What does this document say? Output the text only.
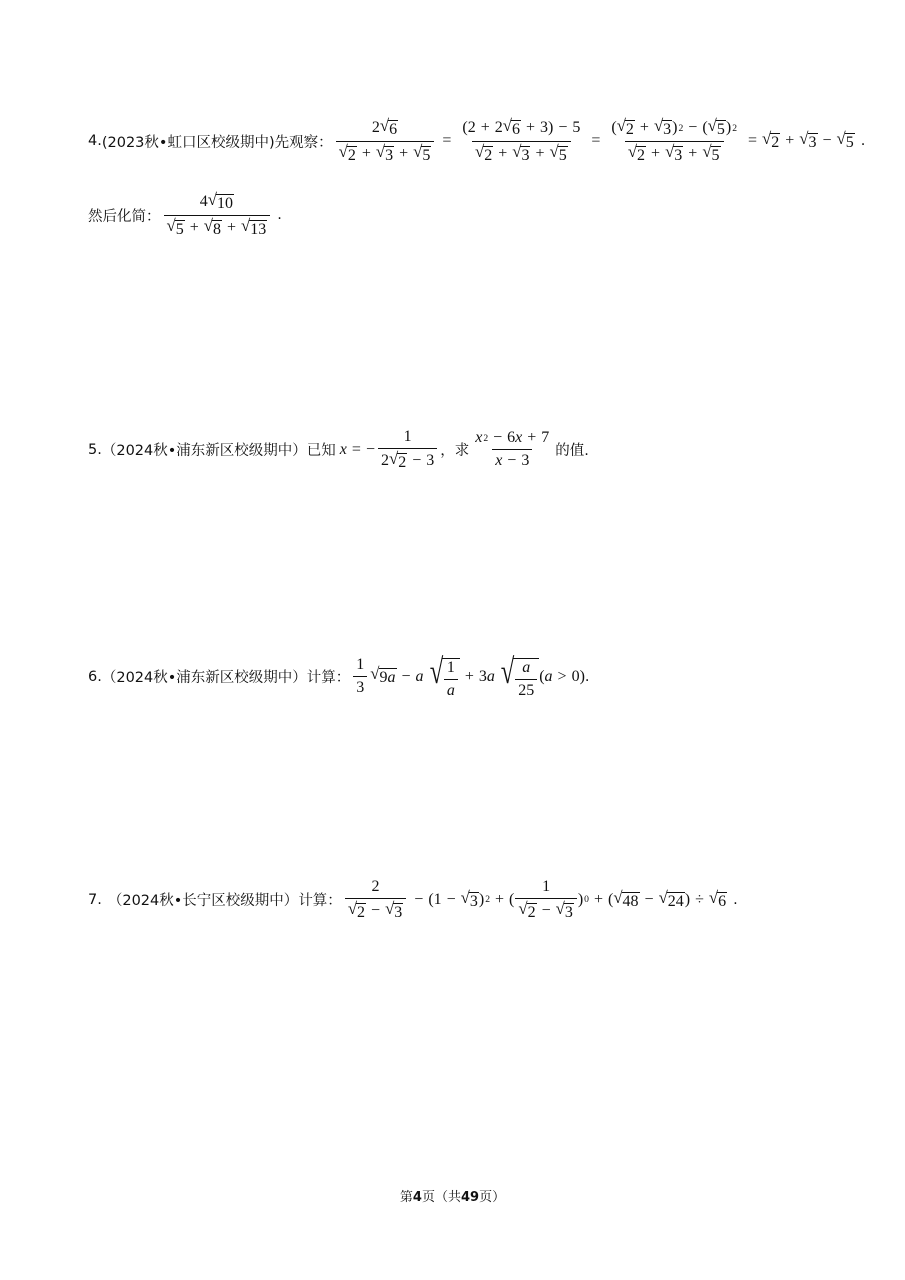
4. (2023秋•虹口区校级期中) 先观察： $\frac{2 √ 6}{√ 2 + √ 3 + √ 5} = \frac{(2 + 2 √ 6 + 3) - 5}{√ 2 + √ 3 + √ 5} = \frac{( √ 2 + √ 3 ) 2 - ( √ 5 ) 2}{√ 2 + √ 3 + √ 5}$ = √ 2 + √ 3 − √ 5 .
然后化简： $\frac{4 √ 10}{√ 5 + √ 8 + √ 13}$ .
5. （2024秋•浦东新区校级期中） 已知 x = − $\frac{1}{2 √ 2 - 3}$ ，求 $\frac{x 2 - 6 x + 7}{x - 3}$ 的值.
6. （2024秋•浦东新区校级期中） 计算： $\frac{1}{3}$ √ 9a − a √ $\frac{1}{a} + 3$ a √ $\frac{a}{25}$ ( a > 0) .
7. （2024秋•长宁区校级期中） 计算： $\frac{2}{√ 2 - √ 3} - (1$ − √ 3 ) 2 + ( $\frac{1}{√ 2 - √ 3}$ ) 0 + ( √ 48 − √ 24 ) ÷ √ 6 .
第4页（共49页）
